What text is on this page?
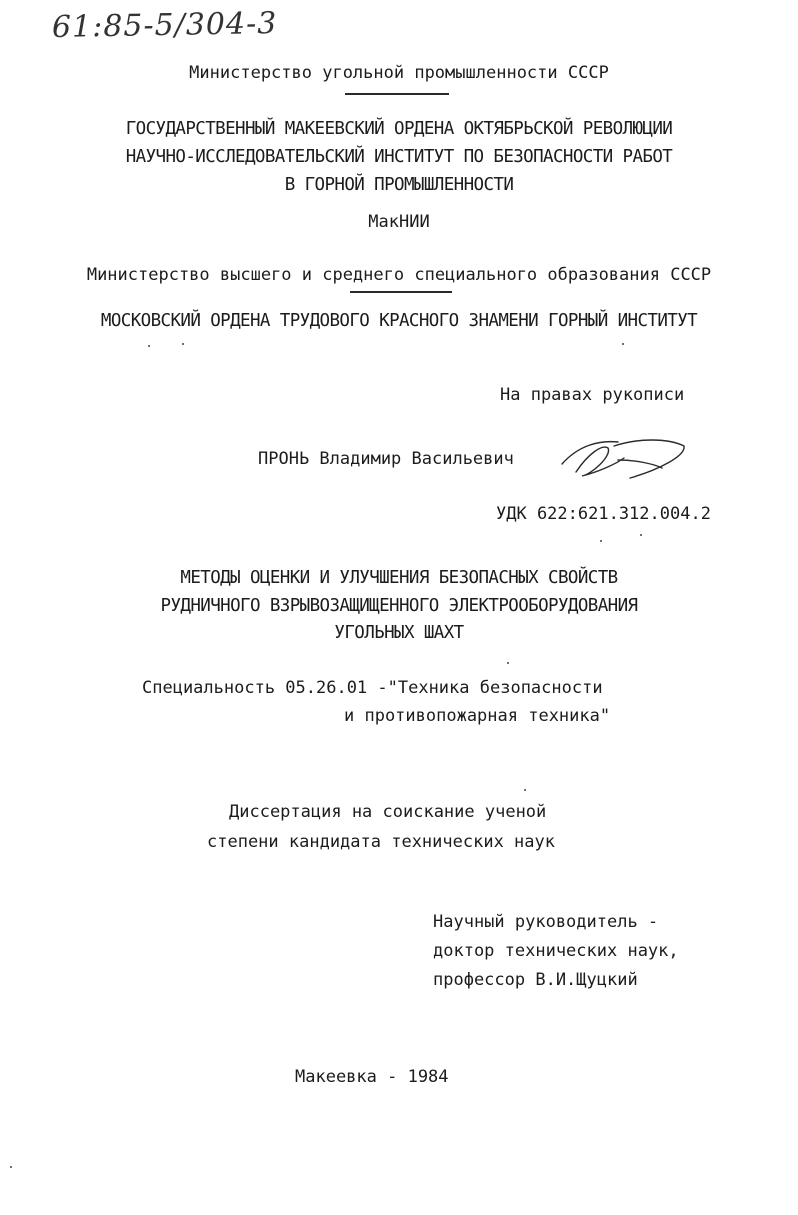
61:85-5/304-3
Министерство угольной промышленности СССР
ГОСУДАРСТВЕННЫЙ МАКЕЕВСКИЙ ОРДЕНА ОКТЯБРЬСКОЙ РЕВОЛЮЦИИ
НАУЧНО-ИССЛЕДОВАТЕЛЬСКИЙ ИНСТИТУТ ПО БЕЗОПАСНОСТИ РАБОТ
В ГОРНОЙ ПРОМЫШЛЕННОСТИ
МакНИИ
Министерство высшего и среднего специального образования СССР
МОСКОВСКИЙ ОРДЕНА ТРУДОВОГО КРАСНОГО ЗНАМЕНИ ГОРНЫЙ ИНСТИТУТ
На правах рукописи
ПРОНЬ Владимир Васильевич
УДК 622:621.312.004.2
МЕТОДЫ ОЦЕНКИ И УЛУЧШЕНИЯ БЕЗОПАСНЫХ СВОЙСТВ
РУДНИЧНОГО ВЗРЫВОЗАЩИЩЕННОГО ЭЛЕКТРООБОРУДОВАНИЯ
УГОЛЬНЫХ ШАХТ
Специальность 05.26.01 -"Техника безопасности
и противопожарная техника"
Диссертация на соискание ученой
степени кандидата технических наук
Научный руководитель -
доктор технических наук,
профессор В.И.Щуцкий
Макеевка - 1984
